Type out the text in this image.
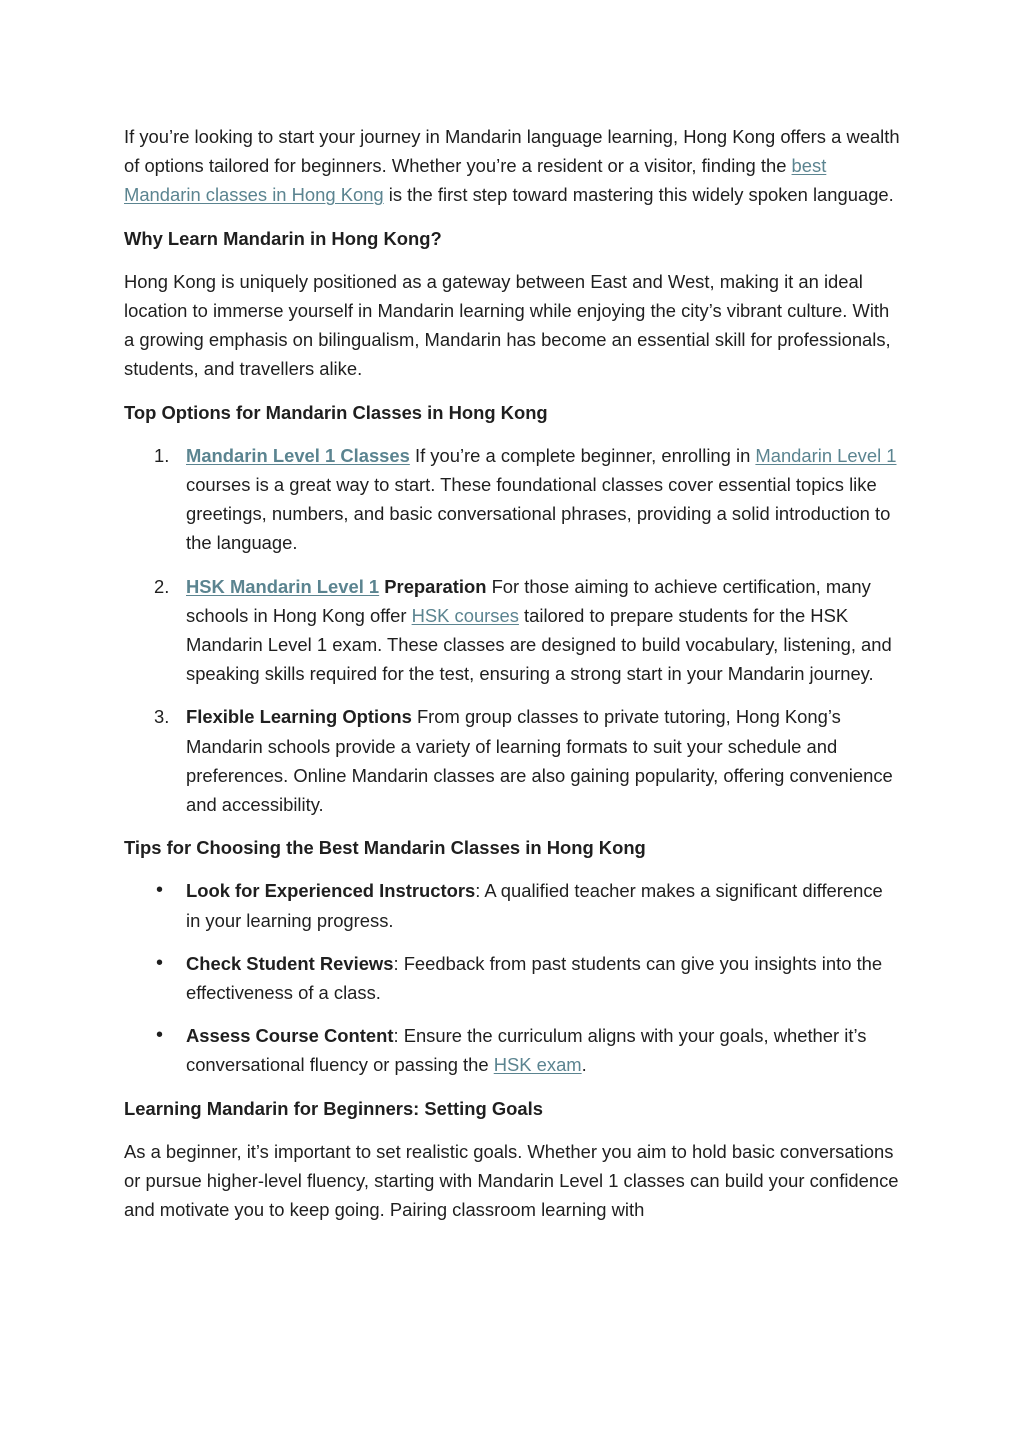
If you’re looking to start your journey in Mandarin language learning, Hong Kong offers a wealth of options tailored for beginners. Whether you’re a resident or a visitor, finding the best Mandarin classes in Hong Kong is the first step toward mastering this widely spoken language.

Why Learn Mandarin in Hong Kong?

Hong Kong is uniquely positioned as a gateway between East and West, making it an ideal location to immerse yourself in Mandarin learning while enjoying the city’s vibrant culture. With a growing emphasis on bilingualism, Mandarin has become an essential skill for professionals, students, and travellers alike.

Top Options for Mandarin Classes in Hong Kong
1. Mandarin Level 1 Classes If you’re a complete beginner, enrolling in Mandarin Level 1 courses is a great way to start. These foundational classes cover essential topics like greetings, numbers, and basic conversational phrases, providing a solid introduction to the language.
2. HSK Mandarin Level 1 Preparation For those aiming to achieve certification, many schools in Hong Kong offer HSK courses tailored to prepare students for the HSK Mandarin Level 1 exam. These classes are designed to build vocabulary, listening, and speaking skills required for the test, ensuring a strong start in your Mandarin journey.
3. Flexible Learning Options From group classes to private tutoring, Hong Kong’s Mandarin schools provide a variety of learning formats to suit your schedule and preferences. Online Mandarin classes are also gaining popularity, offering convenience and accessibility.
Tips for Choosing the Best Mandarin Classes in Hong Kong
• Look for Experienced Instructors: A qualified teacher makes a significant difference in your learning progress.
• Check Student Reviews: Feedback from past students can give you insights into the effectiveness of a class.
• Assess Course Content: Ensure the curriculum aligns with your goals, whether it’s conversational fluency or passing the HSK exam.
Learning Mandarin for Beginners: Setting Goals

As a beginner, it’s important to set realistic goals. Whether you aim to hold basic conversations or pursue higher-level fluency, starting with Mandarin Level 1 classes can build your confidence and motivate you to keep going. Pairing classroom learning with
